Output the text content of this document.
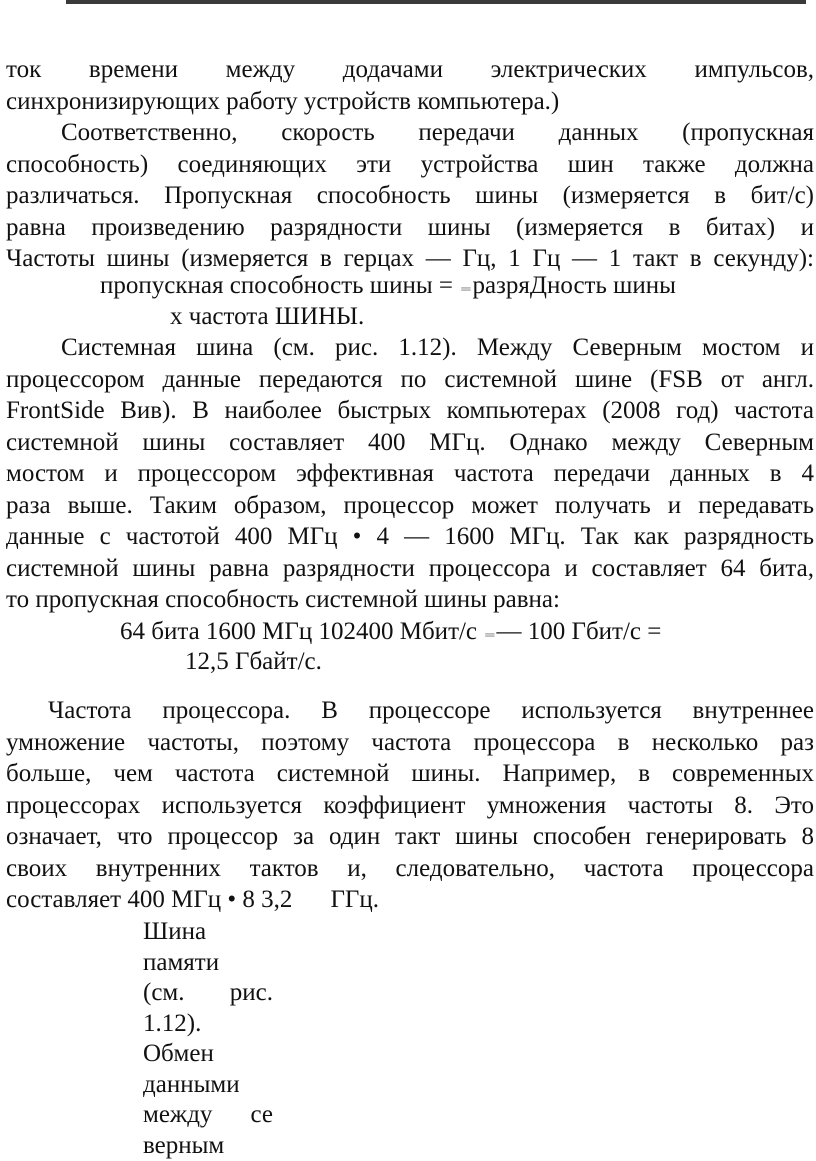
ток времени между додачами электрических импульсов,
синхронизирующих работу устройств компьютера.)
Соответственно, скорость передачи данных (пропускная
способность) соединяющих эти устройства шин также должна
различаться. Пропускная способность шины (измеряется в бит/с)
равна произведению разрядности шины (измеряется в битах) и
Частоты шины (измеряется в герцах — Гц, 1 Гц — 1 такт в секунду):
пропускная способность шины = ═разряДность шины
х частота ШИНЫ.
Системная шина (см. рис. 1.12). Между Северным мостом и
процессором данные передаются по системной шине (FSB от англ.
FrontSide Вив). В наиболее быстрых компьютерах (2008 год) частота
системной шины составляет 400 МГц. Однако между Северным
мостом и процессором эффективная частота передачи данных в 4
раза выше. Таким образом, процессор может получать и передавать
данные с частотой 400 МГц • 4 — 1600 МГц. Так как разрядность
системной шины равна разрядности процессора и составляет 64 бита,
то пропускная способность системной шины равна:
64 бита 1600 МГц 102400 Мбит/с ═— 100 Гбит/с =
12,5 Гбайт/с.
Частота процессора. В процессоре используется внутреннее
умножение частоты, поэтому частота процессора в несколько раз
больше, чем частота системной шины. Например, в современных
процессорах используется коэффициент умножения частоты 8. Это
означает, что процессор за один такт шины способен генерировать 8
своих внутренних тактов и, следовательно, частота процессора
составляет 400 МГц • 8 3,2 ГГц.
Шина
памяти
(см. рис.
1.12).
Обмен
данными
между се
верным
